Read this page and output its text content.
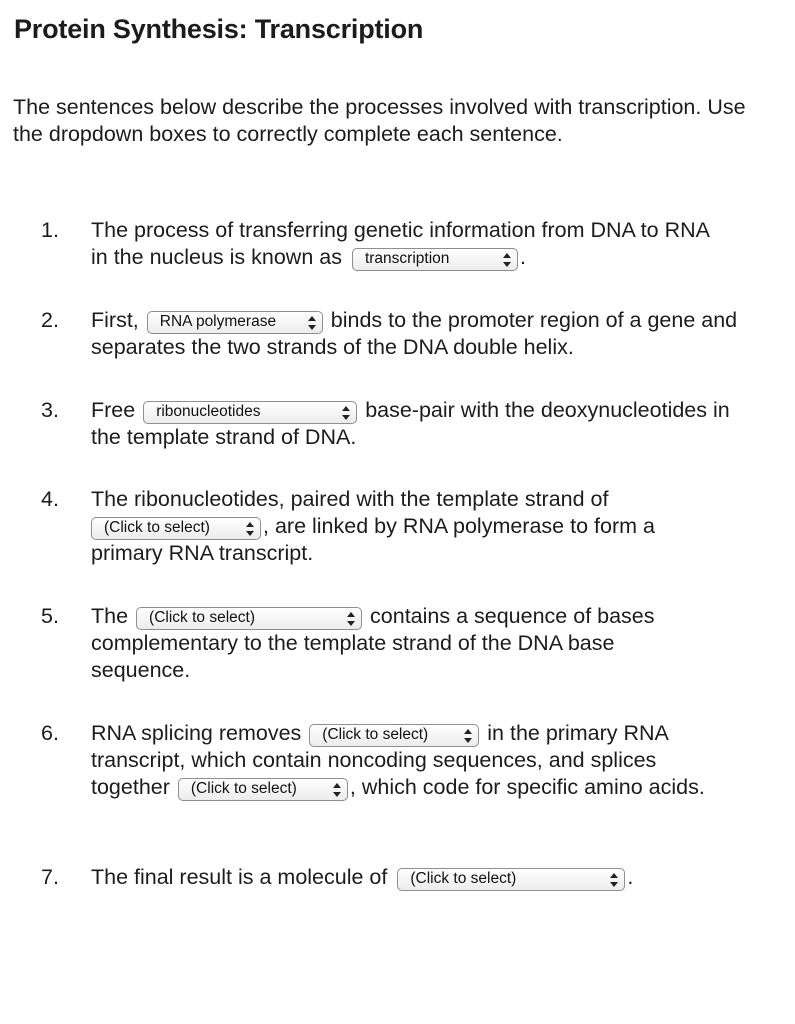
Protein Synthesis: Transcription
The sentences below describe the processes involved with transcription. Use the dropdown boxes to correctly complete each sentence.
1. The process of transferring genetic information from DNA to RNA in the nucleus is known as transcription	.
2. First, RNA polymerase	binds to the promoter region of a gene and separates the two strands of the DNA double helix.
3. Free ribonucleotides	base-pair with the deoxynucleotides in the template strand of DNA.
4. The ribonucleotides, paired with the template strand of (Click to select) , are linked by RNA polymerase to form a primary RNA transcript.
5. The (Click to select)	contains a sequence of bases complementary to the template strand of the DNA base sequence.
6. RNA splicing removes (Click to select)	in the primary RNA transcript, which contain noncoding sequences, and splices together (Click to select) , which code for specific amino acids.
7. The final result is a molecule of (Click to select)	.
